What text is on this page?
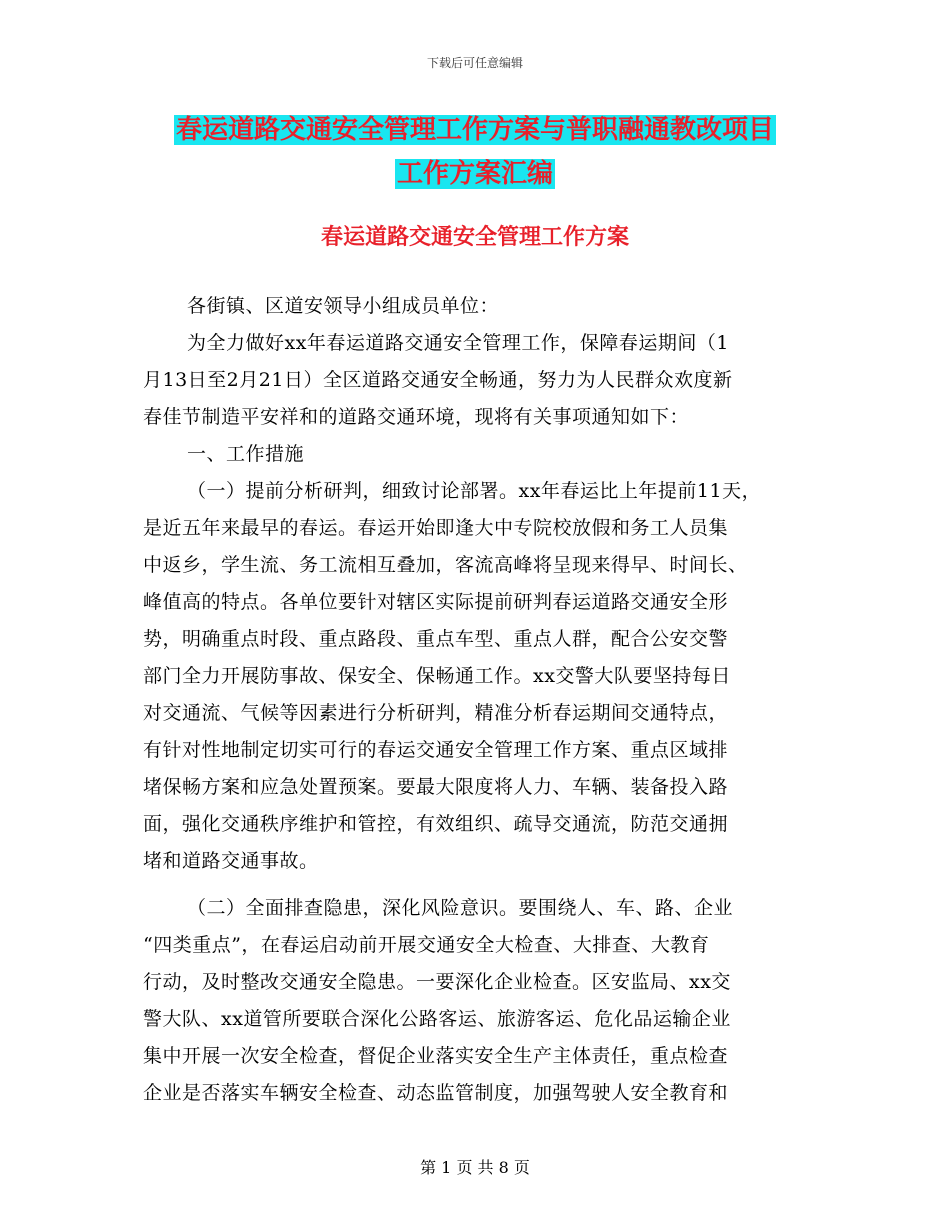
下载后可任意编辑
春运道路交通安全管理工作方案与普职融通教改项目
工作方案汇编
春运道路交通安全管理工作方案

各街镇、区道安领导小组成员单位：

为全力做好xx年春运道路交通安全管理工作，保障春运期间（1

月13日至2月21日）全区道路交通安全畅通，努力为人民群众欢度新

春佳节制造平安祥和的道路交通环境，现将有关事项通知如下：

一、工作措施

（一）提前分析研判，细致讨论部署。xx年春运比上年提前11天，

是近五年来最早的春运。春运开始即逢大中专院校放假和务工人员集

中返乡，学生流、务工流相互叠加，客流高峰将呈现来得早、时间长、

峰值高的特点。各单位要针对辖区实际提前研判春运道路交通安全形

势，明确重点时段、重点路段、重点车型、重点人群，配合公安交警

部门全力开展防事故、保安全、保畅通工作。xx交警大队要坚持每日

对交通流、气候等因素进行分析研判，精准分析春运期间交通特点，

有针对性地制定切实可行的春运交通安全管理工作方案、重点区域排

堵保畅方案和应急处置预案。要最大限度将人力、车辆、装备投入路

面，强化交通秩序维护和管控，有效组织、疏导交通流，防范交通拥

堵和道路交通事故。

（二）全面排查隐患，深化风险意识。要围绕人、车、路、企业

“四类重点”，在春运启动前开展交通安全大检查、大排查、大教育

行动，及时整改交通安全隐患。一要深化企业检查。区安监局、xx交

警大队、xx道管所要联合深化公路客运、旅游客运、危化品运输企业

集中开展一次安全检查，督促企业落实安全生产主体责任，重点检查

企业是否落实车辆安全检查、动态监管制度，加强驾驶人安全教育和

第 1 页 共 8 页
